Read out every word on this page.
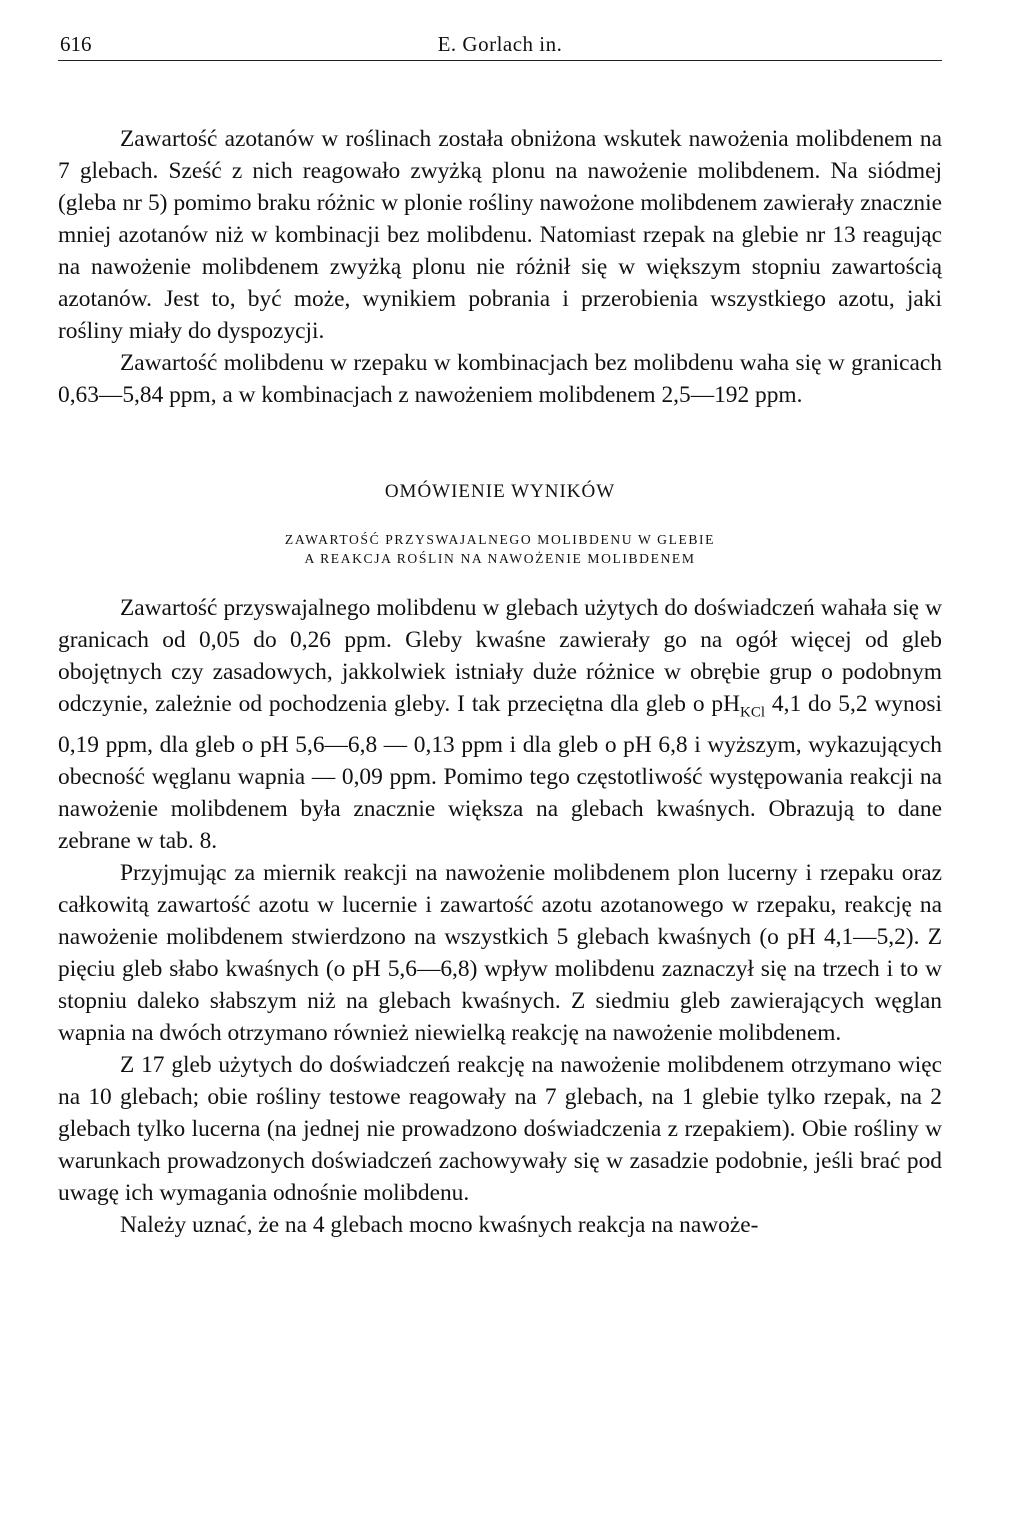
616	E. Gorlach in.

Zawartość azotanów w roślinach została obniżona wskutek nawożenia molibdenem na 7 glebach. Sześć z nich reagowało zwyżką plonu na nawożenie molibdenem. Na siódmej (gleba nr 5) pomimo braku różnic w plonie rośliny nawożone molibdenem zawierały znacznie mniej azotanów niż w kombinacji bez molibdenu. Natomiast rzepak na glebie nr 13 reagując na nawożenie molibdenem zwyżką plonu nie różnił się w większym stopniu zawartością azotanów. Jest to, być może, wynikiem pobrania i przerobienia wszystkiego azotu, jaki rośliny miały do dyspozycji.

Zawartość molibdenu w rzepaku w kombinacjach bez molibdenu waha się w granicach 0,63—5,84 ppm, a w kombinacjach z nawożeniem molibdenem 2,5—192 ppm.

OMÓWIENIE WYNIKÓW
ZAWARTOŚĆ PRZYSWAJALNEGO MOLIBDENU W GLEBIE
A REAKCJA ROŚLIN NA NAWOŻENIE MOLIBDENEM

Zawartość przyswajalnego molibdenu w glebach użytych do doświadczeń wahała się w granicach od 0,05 do 0,26 ppm. Gleby kwaśne zawierały go na ogół więcej od gleb obojętnych czy zasadowych, jakkolwiek istniały duże różnice w obrębie grup o podobnym odczynie, zależnie od pochodzenia gleby. I tak przeciętna dla gleb o $pH_{KCl}$ 4,1 do 5,2 wynosi 0,19 ppm, dla gleb o pH 5,6—6,8 — 0,13 ppm i dla gleb o pH 6,8 i wyższym, wykazujących obecność węglanu wapnia — 0,09 ppm. Pomimo tego częstotliwość występowania reakcji na nawożenie molibdenem była znacznie większa na glebach kwaśnych. Obrazują to dane zebrane w tab. 8.

Przyjmując za miernik reakcji na nawożenie molibdenem plon lucerny i rzepaku oraz całkowitą zawartość azotu w lucernie i zawartość azotu azotanowego w rzepaku, reakcję na nawożenie molibdenem stwierdzono na wszystkich 5 glebach kwaśnych (o pH 4,1—5,2). Z pięciu gleb słabo kwaśnych (o pH 5,6—6,8) wpływ molibdenu zaznaczył się na trzech i to w stopniu daleko słabszym niż na glebach kwaśnych. Z siedmiu gleb zawierających węglan wapnia na dwóch otrzymano również niewielką reakcję na nawożenie molibdenem.

Z 17 gleb użytych do doświadczeń reakcję na nawożenie molibdenem otrzymano więc na 10 glebach; obie rośliny testowe reagowały na 7 glebach, na 1 glebie tylko rzepak, na 2 glebach tylko lucerna (na jednej nie prowadzono doświadczenia z rzepakiem). Obie rośliny w warunkach prowadzonych doświadczeń zachowywały się w zasadzie podobnie, jeśli brać pod uwagę ich wymagania odnośnie molibdenu.

Należy uznać, że na 4 glebach mocno kwaśnych reakcja na nawoże-
